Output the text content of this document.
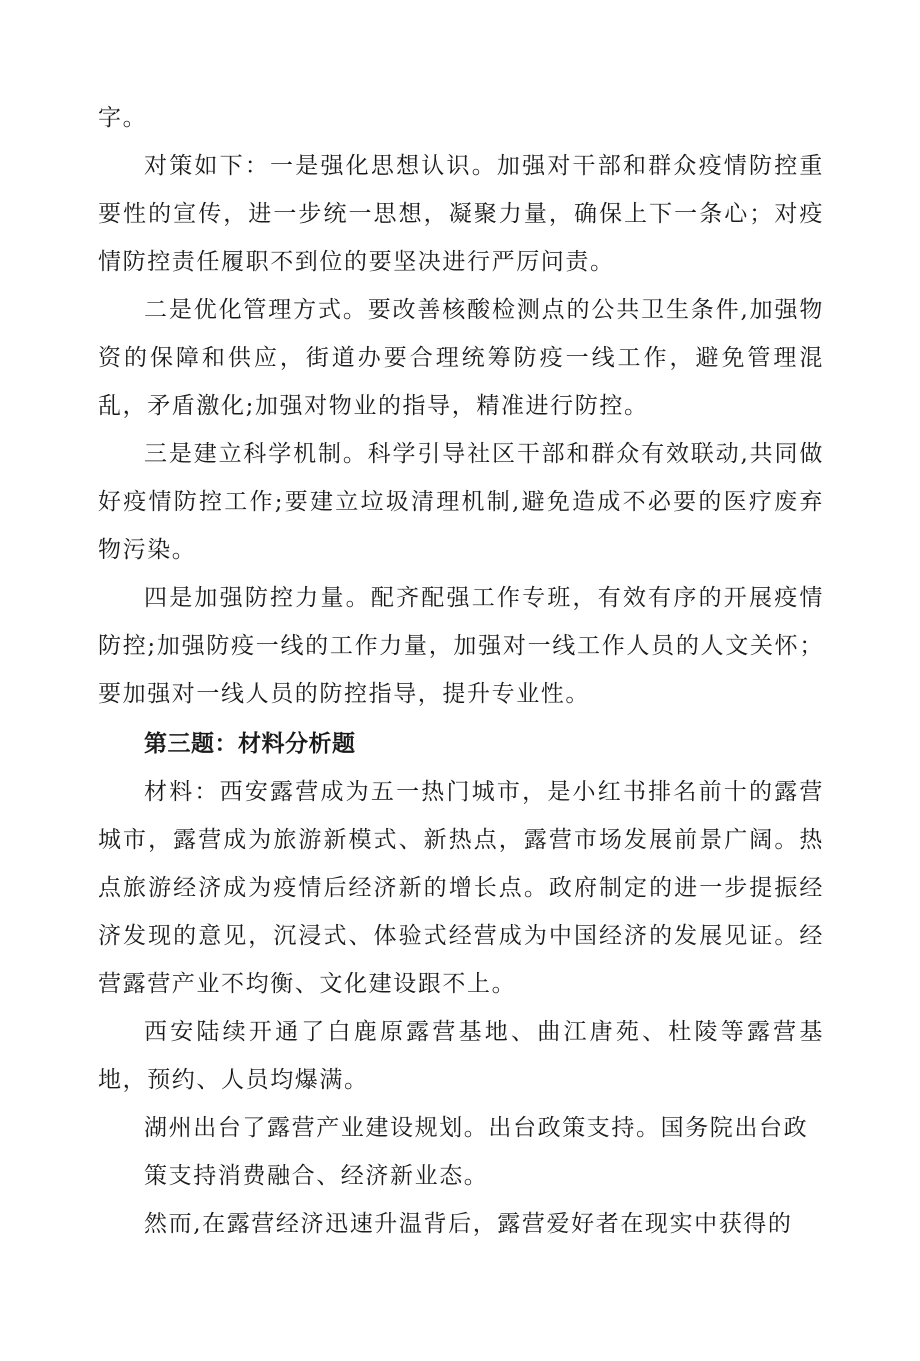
字。

对策如下：一是强化思想认识。加强对干部和群众疫情防控重要性的宣传，进一步统一思想，凝聚力量，确保上下一条心；对疫情防控责任履职不到位的要坚决进行严厉问责。

二是优化管理方式。要改善核酸检测点的公共卫生条件,加强物资的保障和供应，街道办要合理统筹防疫一线工作，避免管理混乱，矛盾激化;加强对物业的指导，精准进行防控。

三是建立科学机制。科学引导社区干部和群众有效联动,共同做好疫情防控工作;要建立垃圾清理机制,避免造成不必要的医疗废弃物污染。

四是加强防控力量。配齐配强工作专班，有效有序的开展疫情防控;加强防疫一线的工作力量，加强对一线工作人员的人文关怀；要加强对一线人员的防控指导，提升专业性。

第三题：材料分析题

材料：西安露营成为五一热门城市，是小红书排名前十的露营城市，露营成为旅游新模式、新热点，露营市场发展前景广阔。热点旅游经济成为疫情后经济新的增长点。政府制定的进一步提振经济发现的意见，沉浸式、体验式经营成为中国经济的发展见证。经营露营产业不均衡、文化建设跟不上。

西安陆续开通了白鹿原露营基地、曲江唐苑、杜陵等露营基地，预约、人员均爆满。

湖州出台了露营产业建设规划。出台政策支持。国务院出台政

策支持消费融合、经济新业态。

然而,在露营经济迅速升温背后，露营爱好者在现实中获得的
